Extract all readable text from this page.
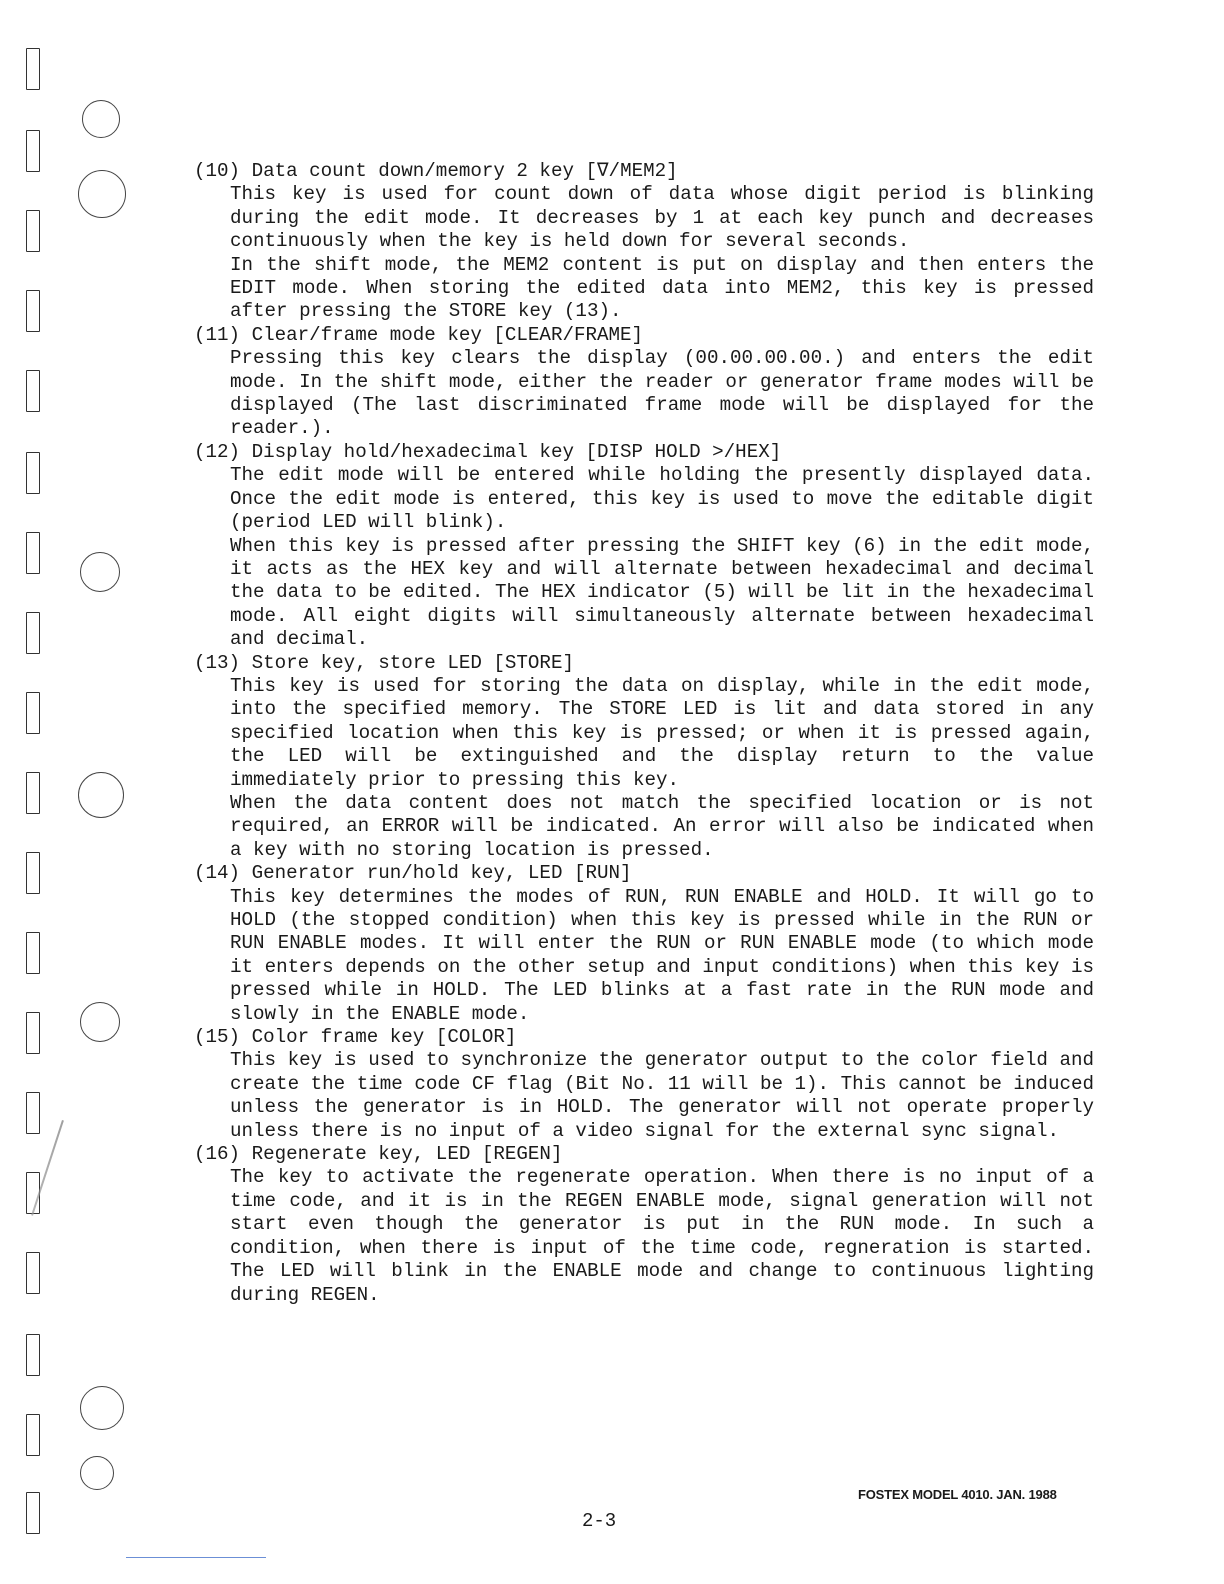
(10) Data count down/memory 2 key [∇/MEM2]

This key is used for count down of data whose digit period is blinking during the edit mode. It decreases by 1 at each key punch and decreases continuously when the key is held down for several seconds.

In the shift mode, the MEM2 content is put on display and then enters the EDIT mode. When storing the edited data into MEM2, this key is pressed after pressing the STORE key (13).

(11) Clear/frame mode key [CLEAR/FRAME]

Pressing this key clears the display (00.00.00.00.) and enters the edit mode. In the shift mode, either the reader or generator frame modes will be displayed (The last discriminated frame mode will be displayed for the reader.).

(12) Display hold/hexadecimal key [DISP HOLD >/HEX]

The edit mode will be entered while holding the presently displayed data. Once the edit mode is entered, this key is used to move the editable digit (period LED will blink).

When this key is pressed after pressing the SHIFT key (6) in the edit mode, it acts as the HEX key and will alternate between hexadecimal and decimal the data to be edited. The HEX indicator (5) will be lit in the hexadecimal mode. All eight digits will simultaneously alternate between hexadecimal and decimal.

(13) Store key, store LED [STORE]

This key is used for storing the data on display, while in the edit mode, into the specified memory. The STORE LED is lit and data stored in any specified location when this key is pressed; or when it is pressed again, the LED will be extinguished and the display return to the value immediately prior to pressing this key.

When the data content does not match the specified location or is not required, an ERROR will be indicated. An error will also be indicated when a key with no storing location is pressed.

(14) Generator run/hold key, LED [RUN]

This key determines the modes of RUN, RUN ENABLE and HOLD. It will go to HOLD (the stopped condition) when this key is pressed while in the RUN or RUN ENABLE modes. It will enter the RUN or RUN ENABLE mode (to which mode it enters depends on the other setup and input conditions) when this key is pressed while in HOLD. The LED blinks at a fast rate in the RUN mode and slowly in the ENABLE mode.

(15) Color frame key [COLOR]

This key is used to synchronize the generator output to the color field and create the time code CF flag (Bit No. 11 will be 1). This cannot be induced unless the generator is in HOLD. The generator will not operate properly unless there is no input of a video signal for the external sync signal.

(16) Regenerate key, LED [REGEN]

The key to activate the regenerate operation. When there is no input of a time code, and it is in the REGEN ENABLE mode, signal generation will not start even though the generator is put in the RUN mode. In such a condition, when there is input of the time code, regneration is started. The LED will blink in the ENABLE mode and change to continuous lighting during REGEN.

FOSTEX MODEL 4010. JAN. 1988
2-3
